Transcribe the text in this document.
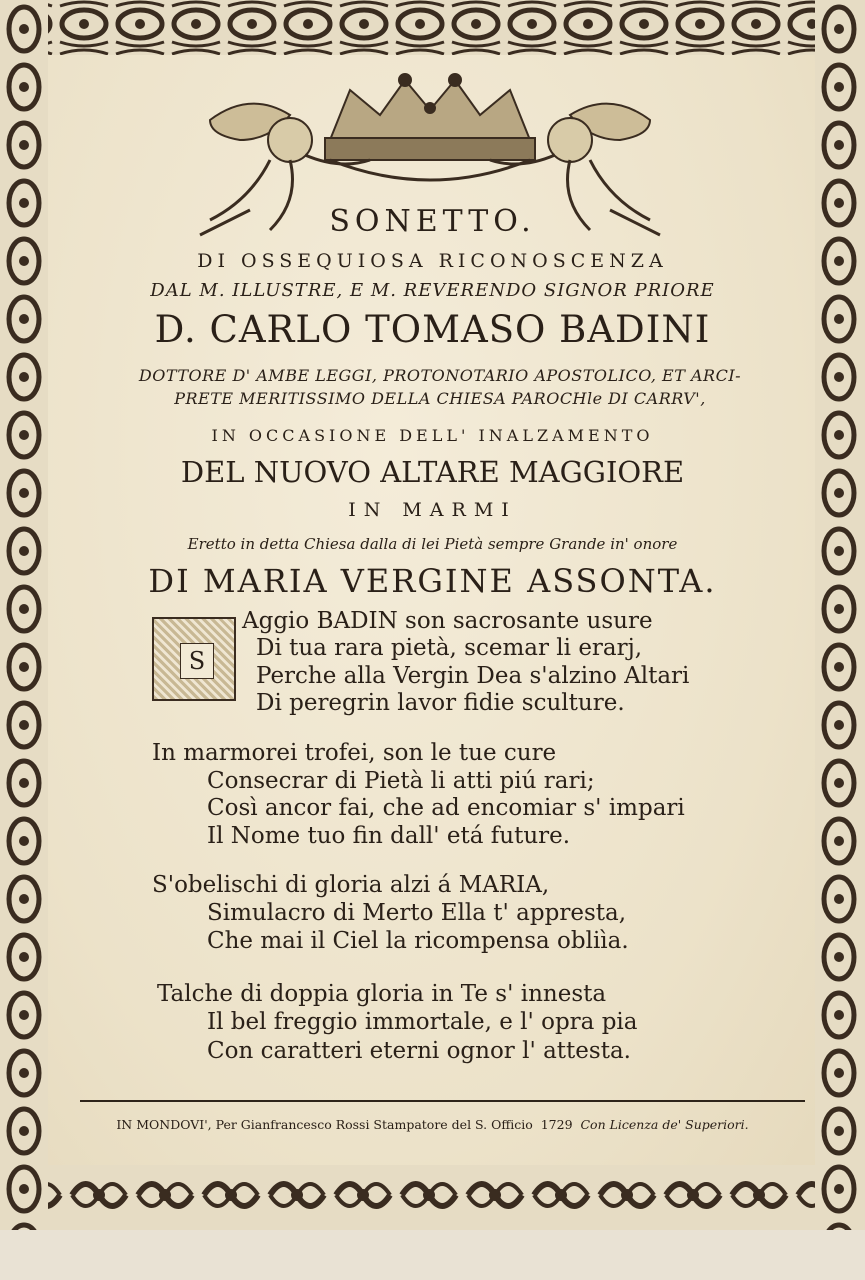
SONETTO.
DI OSSEQUIOSA RICONOSCENZA
DAL M. ILLUSTRE, E M. REVERENDO SIGNOR PRIORE
D. CARLO TOMASO BADINI
DOTTORE D' AMBE LEGGI, PROTONOTARIO APOSTOLICO, ET ARCI-
PRETE MERITISSIMO DELLA CHIESA PAROCHle DI CARRV',
IN OCCASIONE DELL' INALZAMENTO
DEL NUOVO ALTARE MAGGIORE
IN MARMI
Eretto in detta Chiesa dalla di lei Pietà sempre Grande in' onore
DI MARIA VERGINE ASSONTA.
S
Aggio BADIN son sacrosante usure
Di tua rara pietà, scemar li erarj,
Perche alla Vergin Dea s'alzino Altari
Di peregrin lavor fidie sculture.
In marmorei trofei, son le tue cure
Consecrar di Pietà li atti piú rari;
Così ancor fai, che ad encomiar s' impari
Il Nome tuo fin dall' etá future.
S'obelischi di gloria alzi á MARIA,
Simulacro di Merto Ella t' appresta,
Che mai il Ciel la ricompensa obliìa.
Talche di doppia gloria in Te s' innesta
Il bel freggio immortale, e l' opra pia
Con caratteri eterni ognor l' attesta.
IN MONDOVI', Per Gianfrancesco Rossi Stampatore del S. Officio 1729 Con Licenza de' Superiori.
